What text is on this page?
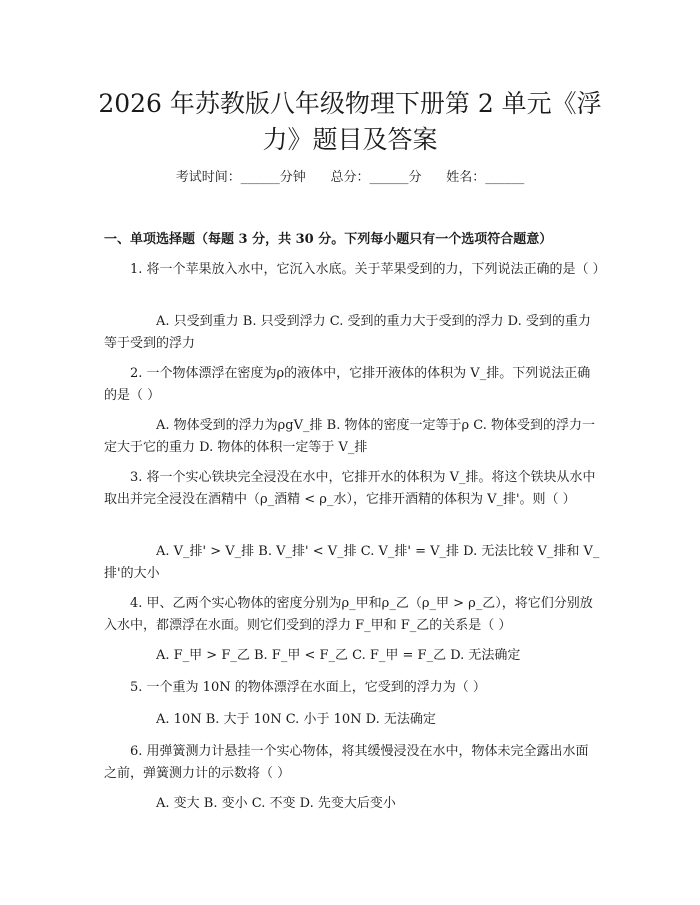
2026 年苏教版八年级物理下册第 2 单元《浮力》题目及答案
考试时间：______分钟      总分：______分      姓名：______
一、单项选择题（每题 3 分，共 30 分。下列每小题只有一个选项符合题意）
1. 将一个苹果放入水中，它沉入水底。关于苹果受到的力，下列说法正确的是（ ）
A. 只受到重力 B. 只受到浮力 C. 受到的重力大于受到的浮力 D. 受到的重力等于受到的浮力
2. 一个物体漂浮在密度为ρ的液体中，它排开液体的体积为 V_排。下列说法正确的是（ ）
A. 物体受到的浮力为ρgV_排 B. 物体的密度一定等于ρ C. 物体受到的浮力一定大于它的重力 D. 物体的体积一定等于 V_排
3. 将一个实心铁块完全浸没在水中，它排开水的体积为 V_排。将这个铁块从水中取出并完全浸没在酒精中（ρ_酒精 < ρ_水），它排开酒精的体积为 V_排'。则（ ）
A. V_排' > V_排 B. V_排' < V_排 C. V_排' = V_排 D. 无法比较 V_排和 V_排'的大小
4. 甲、乙两个实心物体的密度分别为ρ_甲和ρ_乙（ρ_甲 > ρ_乙），将它们分别放入水中，都漂浮在水面。则它们受到的浮力 F_甲和 F_乙的关系是（ ）
A. F_甲 > F_乙 B. F_甲 < F_乙 C. F_甲 = F_乙 D. 无法确定
5. 一个重为 10N 的物体漂浮在水面上，它受到的浮力为（ ）
A. 10N B. 大于 10N C. 小于 10N D. 无法确定
6. 用弹簧测力计悬挂一个实心物体，将其缓慢浸没在水中，物体未完全露出水面之前，弹簧测力计的示数将（ ）
A. 变大 B. 变小 C. 不变 D. 先变大后变小
